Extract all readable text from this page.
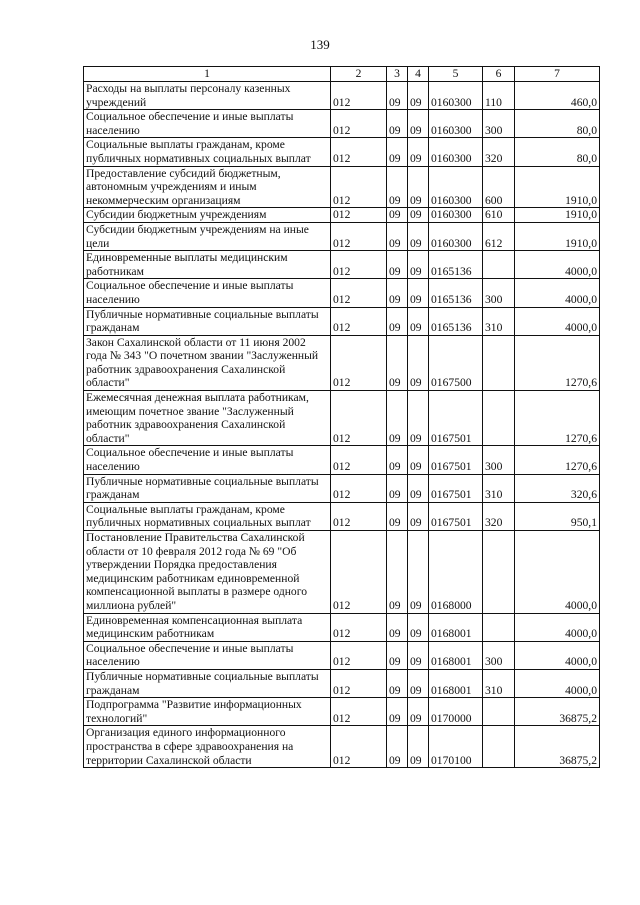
139
1	2	3	4	5	6	7
Расходы на выплаты персоналу казенных учреждений	012	09	09	0160300	110	460,0
Социальное обеспечение и иные выплаты населению	012	09	09	0160300	300	80,0
Социальные выплаты гражданам, кроме публичных нормативных социальных выплат	012	09	09	0160300	320	80,0
Предоставление субсидий бюджетным, автономным учреждениям и иным некоммерческим организациям	012	09	09	0160300	600	1910,0
Субсидии бюджетным учреждениям	012	09	09	0160300	610	1910,0
Субсидии бюджетным учреждениям на иные цели	012	09	09	0160300	612	1910,0
Единовременные выплаты медицинским работникам	012	09	09	0165136		4000,0
Социальное обеспечение и иные выплаты населению	012	09	09	0165136	300	4000,0
Публичные нормативные социальные выплаты гражданам	012	09	09	0165136	310	4000,0
Закон Сахалинской области от 11 июня 2002 года № 343 "О почетном звании "Заслуженный работник здравоохранения Сахалинской области"	012	09	09	0167500		1270,6
Ежемесячная денежная выплата работникам, имеющим почетное звание "Заслуженный работник здравоохранения Сахалинской области"	012	09	09	0167501		1270,6
Социальное обеспечение и иные выплаты населению	012	09	09	0167501	300	1270,6
Публичные нормативные социальные выплаты гражданам	012	09	09	0167501	310	320,6
Социальные выплаты гражданам, кроме публичных нормативных социальных выплат	012	09	09	0167501	320	950,1
Постановление Правительства Сахалинской области от 10 февраля 2012 года № 69 "Об утверждении Порядка предоставления медицинским работникам единовременной компенсационной выплаты в размере одного миллиона рублей"	012	09	09	0168000		4000,0
Единовременная компенсационная выплата медицинским работникам	012	09	09	0168001		4000,0
Социальное обеспечение и иные выплаты населению	012	09	09	0168001	300	4000,0
Публичные нормативные социальные выплаты гражданам	012	09	09	0168001	310	4000,0
Подпрограмма "Развитие информационных технологий"	012	09	09	0170000		36875,2
Организация единого информационного пространства в сфере здравоохранения на территории Сахалинской области	012	09	09	0170100		36875,2
